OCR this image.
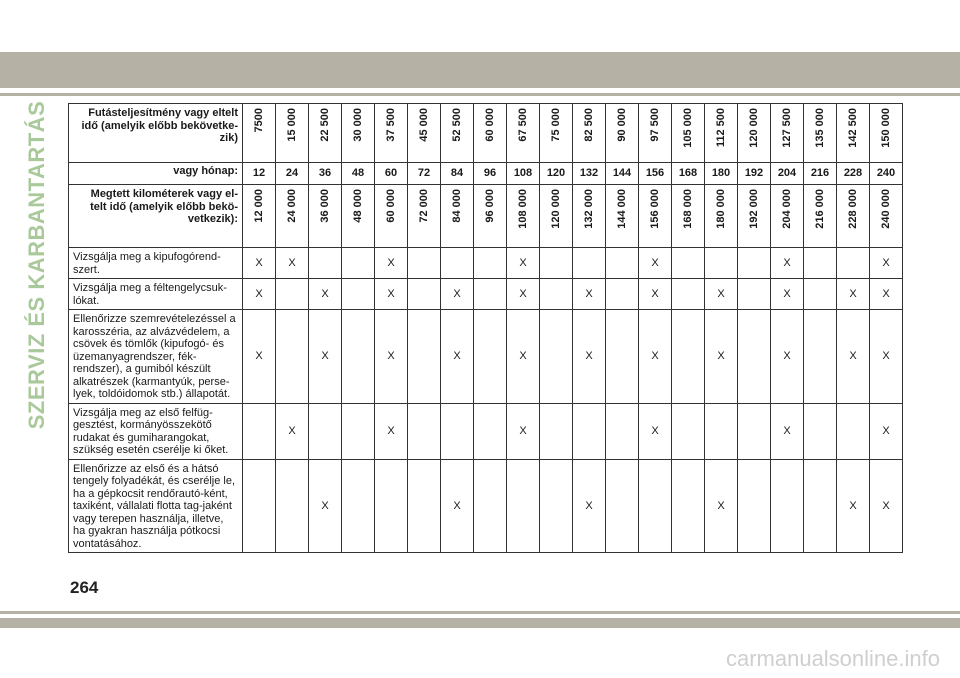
SZERVIZ ÉS KARBANTARTÁS	Futásteljesítmény vagy eltelt idő (amelyik előbb bekövetke-zik)	7500	15 000	22 500	30 000	37 500	45 000	52 500	60 000	67 500	75 000	82 500	90 000	97 500	105 000	112 500	120 000	127 500	135 000	142 500	150 000

vagy hónap:	12	24	36	48	60	72	84	96	108	120	132	144	156	168	180	192	204	216	228	240
Megtett kilométerek vagy el-telt idő (amelyik előbb bekö-vetkezik):	12 000	24 000	36 000	48 000	60 000	72 000	84 000	96 000	108 000	120 000	132 000	144 000	156 000	168 000	180 000	192 000	204 000	216 000	228 000	240 000

Vizsgálja meg a kipufogórend-szert.	X	X			X				X				X				X			X
Vizsgálja meg a féltengelycsuk-lókat.	X		X		X		X		X		X		X		X		X		X	X
Ellenőrizze szemrevételezéssel a karosszéria, az alvázvédelem, a csövek és tömlők (kipufogó- és üzemanyagrendszer, fék-rendszer), a gumiból készült alkatrészek (karmantyúk, perse-lyek, toldóidomok stb.) állapotát.	X		X		X		X		X		X		X		X		X		X	X
Vizsgálja meg az első felfüg-gesztést, kormányösszekötő rudakat és gumiharangokat, szükség esetén cserélje ki őket.		X			X				X				X				X			X
Ellenőrizze az első és a hátsó tengely folyadékát, és cserélje le, ha a gépkocsit rendőrautó-ként, taxiként, vállalati flotta tag-jaként vagy terepen használja, illetve, ha gyakran használja pótkocsi vontatásához.			X				X				X				X				X	X
264
carmanualsonline.info
